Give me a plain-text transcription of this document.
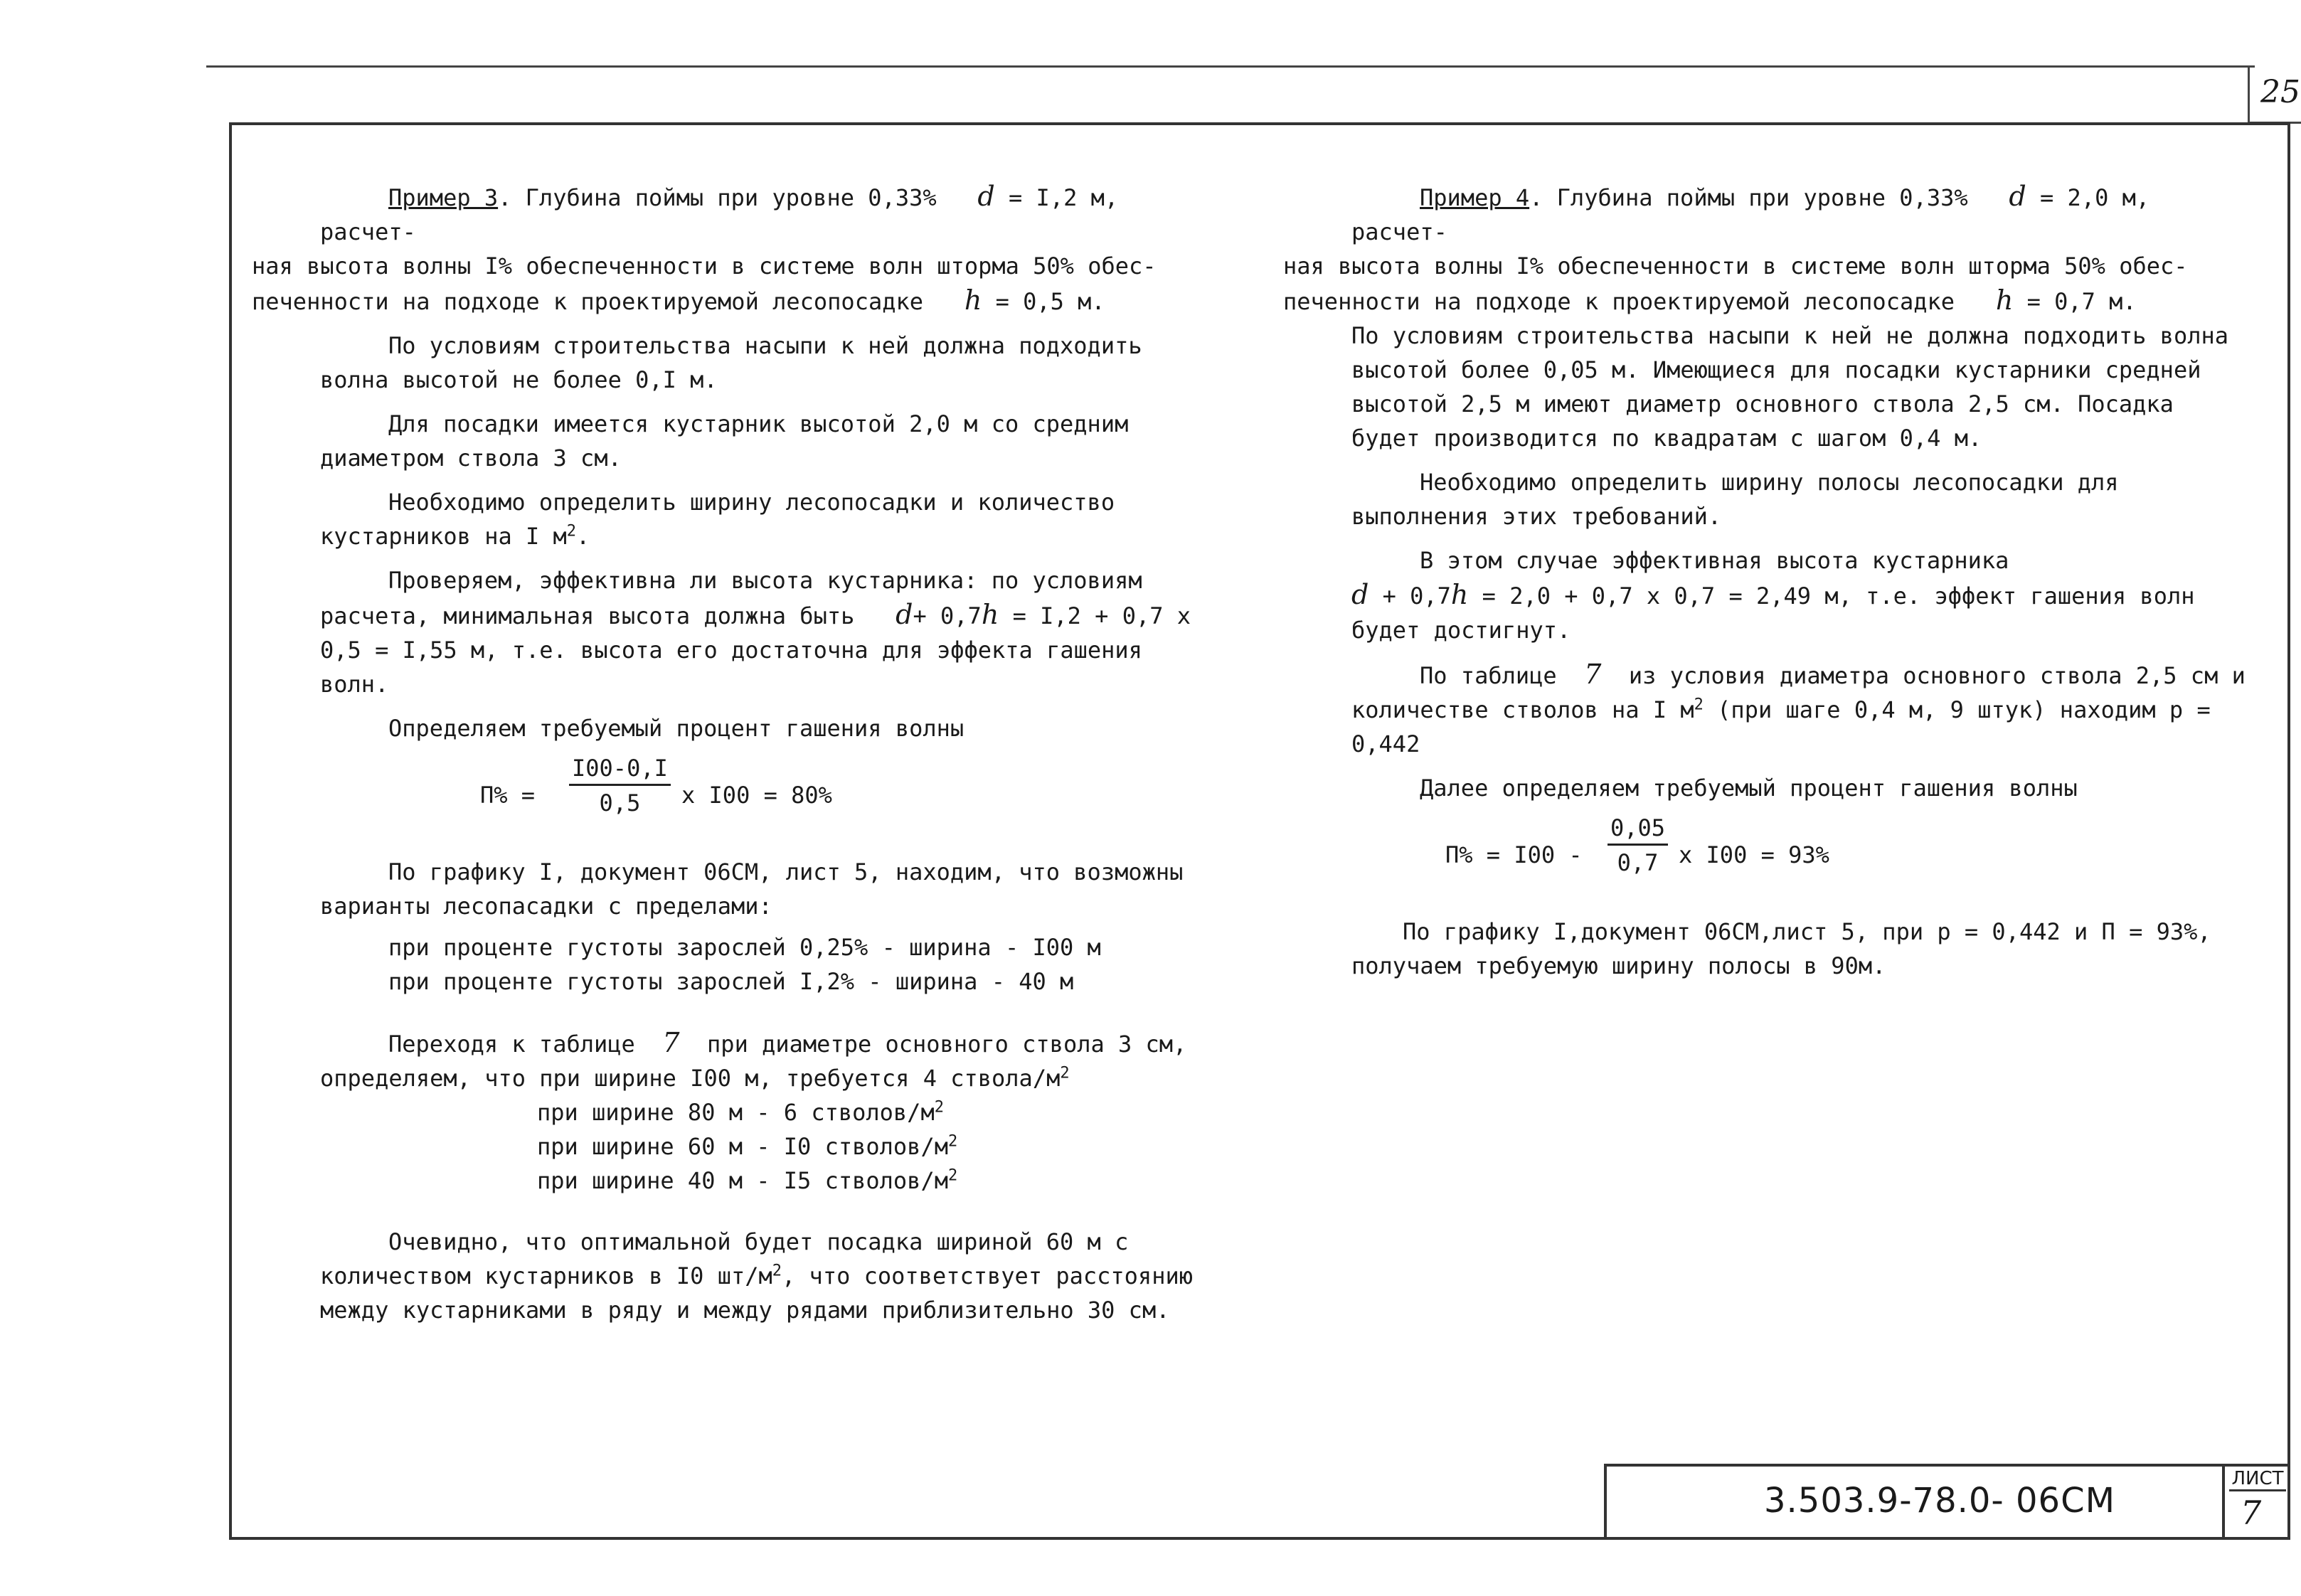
25

Пример 3. Глубина поймы при уровне 0,33% d = I,2 м, расчет-
ная высота волны I% обеспеченности в системе волн шторма 50% обес-
печенности на подходе к проектируемой лесопосадке h = 0,5 м.

По условиям строительства насыпи к ней должна подходить волна высотой не более 0,I м.

Для посадки имеется кустарник высотой 2,0 м со средним диаметром ствола 3 см.

Необходимо определить ширину лесопосадки и количество кустарников на I $м^2$.

Проверяем, эффективна ли высота кустарника: по условиям расчета, минимальная высота должна быть d+ 0,7h = I,2 + 0,7 x 0,5 = I,55 м, т.е. высота его достаточна для эффекта гашения волн.

Определяем требуемый процент гашения волны

$П\% = \frac{I00-0,I}{0,5}$ x I00 = 80%

По графику I, документ 06СМ, лист 5, находим, что возможны варианты лесопасадки с пределами:

при проценте густоты зарослей 0,25% - ширина - I00 м

при проценте густоты зарослей I,2% - ширина - 40 м

Переходя к таблице 7 при диаметре основного ствола 3 см, определяем, что при ширине I00 м, требуется 4 ствола/$м^2$

при ширине 80 м - 6 стволов/$м^2$

при ширине 60 м - I0 стволов/$м^2$

при ширине 40 м - I5 стволов/$м^2$

Очевидно, что оптимальной будет посадка шириной 60 м с количеством кустарников в I0 $шт/м^2$, что соответствует расстоянию между кустарниками в ряду и между рядами приблизительно 30 см.

Пример 4. Глубина поймы при уровне 0,33% d = 2,0 м, расчет-
ная высота волны I% обеспеченности в системе волн шторма 50% обес-
печенности на подходе к проектируемой лесопосадке h = 0,7 м.

По условиям строительства насыпи к ней не должна подходить волна высотой более 0,05 м. Имеющиеся для посадки кустарники средней высотой 2,5 м имеют диаметр основного ствола 2,5 см. Посадка будет производится по квадратам с шагом 0,4 м.

Необходимо определить ширину полосы лесопосадки для выполнения этих требований.

В этом случае эффективная высота кустарника

d + 0,7h = 2,0 + 0,7 x 0,7 = 2,49 м, т.е. эффект гашения волн будет достигнут.

По таблице 7 из условия диаметра основного ствола 2,5 см и количестве стволов на I $м^2$ (при шаге 0,4 м, 9 штук) находим p = 0,442

Далее определяем требуемый процент гашения волны

$П\% = I00 - \frac{0,05}{0,7}$ x I00 = 93%

По графику I,документ 06СМ,лист 5, при p = 0,442 и П = 93%, получаем требуемую ширину полосы в 90м.

3.503.9-78.0- 06СМ
ЛИСТ
7
